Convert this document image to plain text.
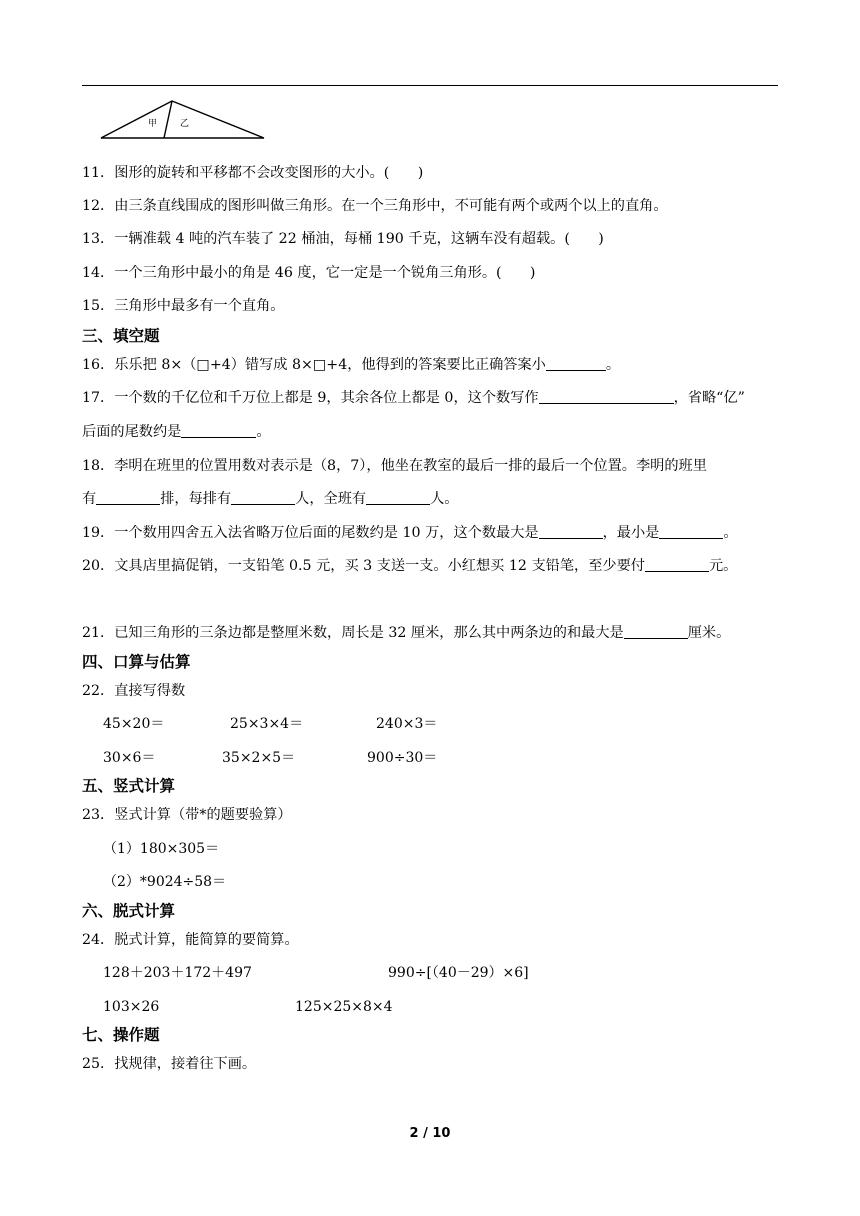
甲	乙
11．图形的旋转和平移都不会改变图形的大小。(　　)
12．由三条直线围成的图形叫做三角形。在一个三角形中，不可能有两个或两个以上的直角。
13．一辆准载 4 吨的汽车装了 22 桶油，每桶 190 千克，这辆车没有超载。(　　)
14．一个三角形中最小的角是 46 度，它一定是一个锐角三角形。(　　)
15．三角形中最多有一个直角。
三、填空题
16．乐乐把 8×（□+4）错写成 8×□+4，他得到的答案要比正确答案小	。
17．一个数的千亿位和千万位上都是 9，其余各位上都是 0，这个数写作	，省略“亿”
后面的尾数约是	。
18．李明在班里的位置用数对表示是（8，7），他坐在教室的最后一排的最后一个位置。李明的班里
有	排，每排有	人，全班有	人。
19．一个数用四舍五入法省略万位后面的尾数约是 10 万，这个数最大是	，最小是	。
20．文具店里搞促销，一支铅笔 0.5 元，买 3 支送一支。小红想买 12 支铅笔，至少要付	元。
21．已知三角形的三条边都是整厘米数，周长是 32 厘米，那么其中两条边的和最大是	厘米。
四、口算与估算
22．直接写得数
45×20＝	25×3×4＝	240×3＝
30×6＝	35×2×5＝	900÷30＝
五、竖式计算
23．竖式计算（带*的题要验算）
（1）180×305＝
（2）*9024÷58＝
六、脱式计算
24．脱式计算，能简算的要简算。
128＋203＋172＋497	990÷[（40－29）×6]
103×26	125×25×8×4
七、操作题
25．找规律，接着往下画。
2 / 10
